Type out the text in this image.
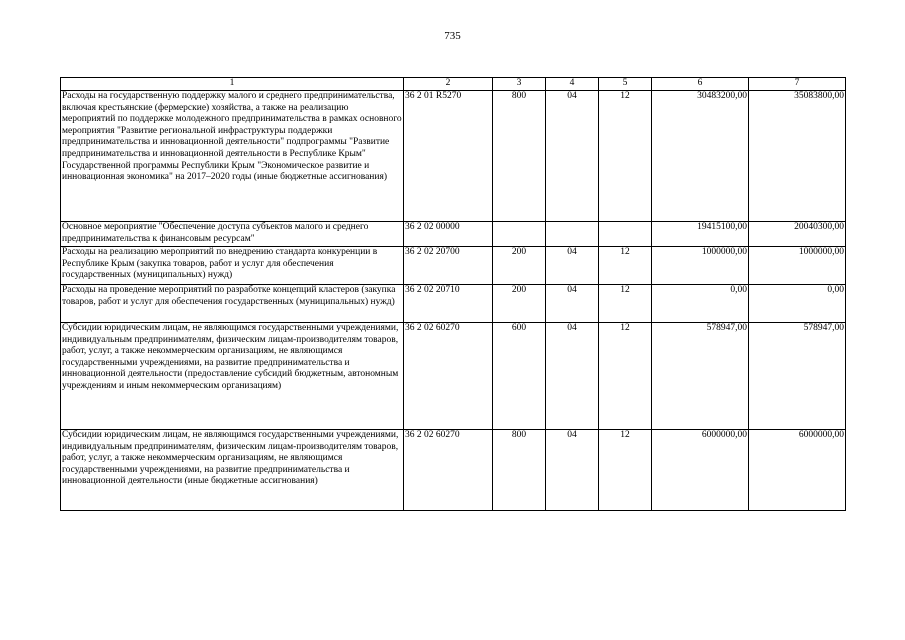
735
1	2	3	4	5	6	7
Расходы на государственную поддержку малого и среднего предпринимательства, включая крестьянские (фермерские) хозяйства, а также на реализацию мероприятий по поддержке молодежного предпринимательства в рамках основного мероприятия "Развитие региональной инфраструктуры поддержки предпринимательства и инновационной деятельности" подпрограммы "Развитие предпринимательства и инновационной деятельности в Республике Крым" Государственной программы Республики Крым "Экономическое развитие и инновационная экономика" на 2017–2020 годы (иные бюджетные ассигнования)	36 2 01 R5270	800	04	12	30483200,00	35083800,00
Основное мероприятие "Обеспечение доступа субъектов малого и среднего предпринимательства к финансовым ресурсам"	36 2 02 00000				19415100,00	20040300,00
Расходы на реализацию мероприятий по внедрению стандарта конкуренции в Республике Крым (закупка товаров, работ и услуг для обеспечения государственных (муниципальных) нужд)	36 2 02 20700	200	04	12	1000000,00	1000000,00
Расходы на проведение мероприятий по разработке концепций кластеров (закупка товаров, работ и услуг для обеспечения государственных (муниципальных) нужд)	36 2 02 20710	200	04	12	0,00	0,00
Субсидии юридическим лицам, не являющимся государственными учреждениями, индивидуальным предпринимателям, физическим лицам-производителям товаров, работ, услуг, а также некоммерческим организациям, не являющимся государственными учреждениями, на развитие предпринимательства и инновационной деятельности (предоставление субсидий бюджетным, автономным учреждениям и иным некоммерческим организациям)	36 2 02 60270	600	04	12	578947,00	578947,00
Субсидии юридическим лицам, не являющимся государственными учреждениями, индивидуальным предпринимателям, физическим лицам-производителям товаров, работ, услуг, а также некоммерческим организациям, не являющимся государственными учреждениями, на развитие предпринимательства и инновационной деятельности (иные бюджетные ассигнования)	36 2 02 60270	800	04	12	6000000,00	6000000,00
